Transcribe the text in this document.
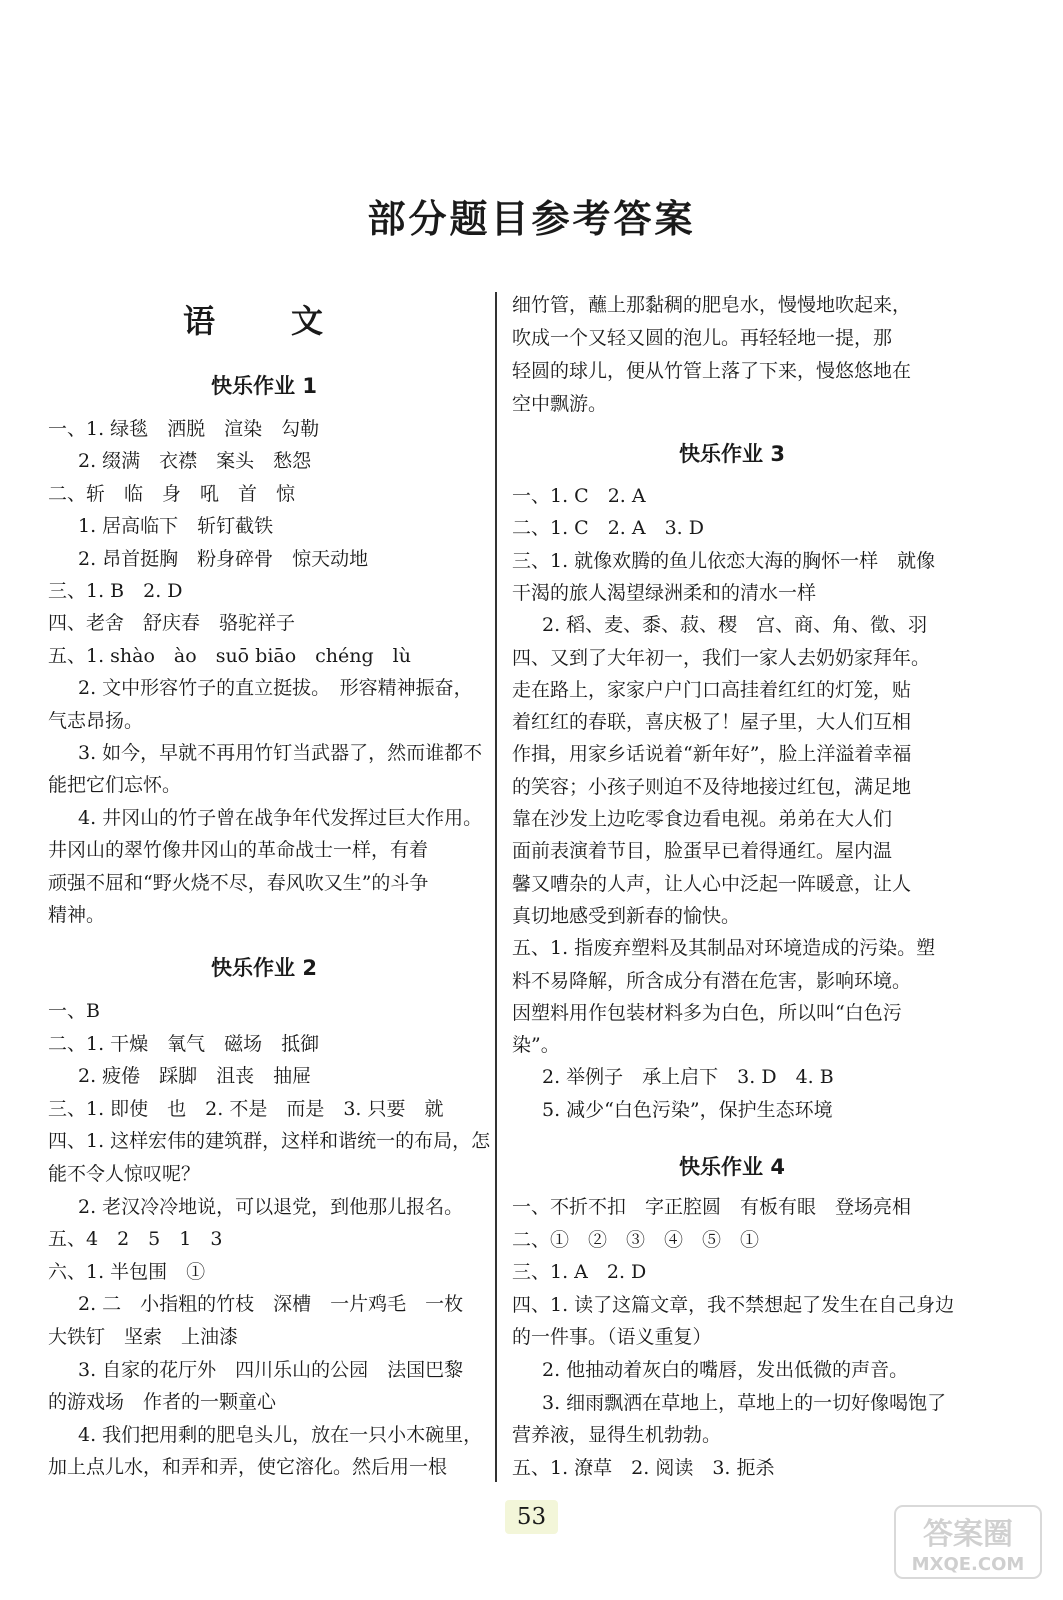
部分题目参考答案
语　文
快乐作业 1
一、1. 绿毯　洒脱　渲染　勾勒
2. 缀满　衣襟　案头　愁怨
二、斩　临　身　吼　首　惊
1. 居高临下　斩钉截铁
2. 昂首挺胸　粉身碎骨　惊天动地
三、1. B　2. D
四、老舍　舒庆春　骆驼祥子
五、1. shào　ào　suō biāo　chéng　lù
2. 文中形容竹子的直立挺拔。　形容精神振奋，
气志昂扬。
3. 如今，早就不再用竹钉当武器了，然而谁都不
能把它们忘怀。
4. 井冈山的竹子曾在战争年代发挥过巨大作用。
井冈山的翠竹像井冈山的革命战士一样，有着
顽强不屈和“野火烧不尽，春风吹又生”的斗争
精神。
快乐作业 2
一、B
二、1. 干燥　氧气　磁场　抵御
2. 疲倦　踩脚　沮丧　抽屉
三、1. 即使　也　2. 不是　而是　3. 只要　就
四、1. 这样宏伟的建筑群，这样和谐统一的布局，怎
能不令人惊叹呢？
2. 老汉冷冷地说，可以退党，到他那儿报名。
五、4　2　5　1　3
六、1. 半包围　①
2. 二　小指粗的竹枝　深槽　一片鸡毛　一枚
大铁钉　坚索　上油漆
3. 自家的花厅外　四川乐山的公园　法国巴黎
的游戏场　作者的一颗童心
4. 我们把用剩的肥皂头儿，放在一只小木碗里，
加上点儿水，和弄和弄，使它溶化。然后用一根
细竹管，蘸上那黏稠的肥皂水，慢慢地吹起来，
吹成一个又轻又圆的泡儿。再轻轻地一提，那
轻圆的球儿，便从竹管上落了下来，慢悠悠地在
空中飘游。
快乐作业 3
一、1. C　2. A
二、1. C　2. A　3. D
三、1. 就像欢腾的鱼儿依恋大海的胸怀一样　就像
干渴的旅人渴望绿洲柔和的清水一样
2. 稻、麦、黍、菽、稷　宫、商、角、徵、羽
四、又到了大年初一，我们一家人去奶奶家拜年。
走在路上，家家户户门口高挂着红红的灯笼，贴
着红红的春联，喜庆极了！屋子里，大人们互相
作揖，用家乡话说着“新年好”，脸上洋溢着幸福
的笑容；小孩子则迫不及待地接过红包，满足地
靠在沙发上边吃零食边看电视。弟弟在大人们
面前表演着节目，脸蛋早已着得通红。屋内温
馨又嘈杂的人声，让人心中泛起一阵暖意，让人
真切地感受到新春的愉快。
五、1. 指废弃塑料及其制品对环境造成的污染。塑
料不易降解，所含成分有潜在危害，影响环境。
因塑料用作包装材料多为白色，所以叫“白色污
染”。
2. 举例子　承上启下　3. D　4. B
5. 减少“白色污染”，保护生态环境
快乐作业 4
一、不折不扣　字正腔圆　有板有眼　登场亮相
二、①　②　③　④　⑤　①
三、1. A　2. D
四、1. 读了这篇文章，我不禁想起了发生在自己身边
的一件事。（语义重复）
2. 他抽动着灰白的嘴唇，发出低微的声音。
3. 细雨飘洒在草地上，草地上的一切好像喝饱了
营养液，显得生机勃勃。
五、1. 潦草　2. 阅读　3. 扼杀
53	答案圈
MXQE.COM
